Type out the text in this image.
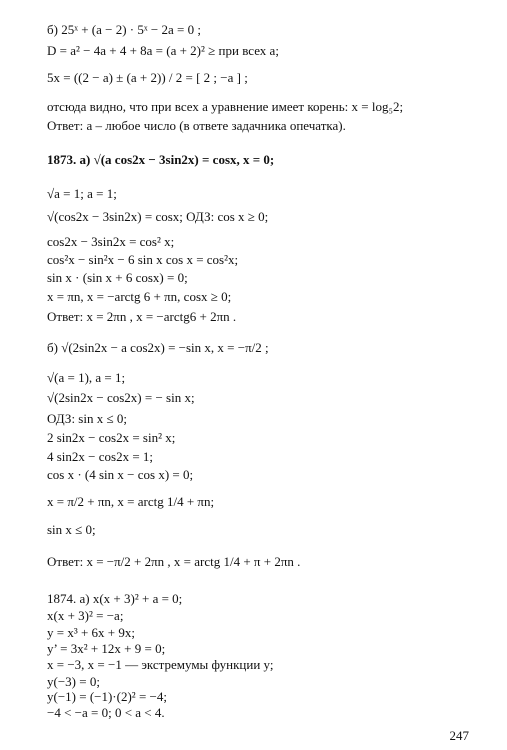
б) 25ˣ + (a − 2) · 5ˣ − 2a = 0 ;
D = a² − 4a + 4 + 8a = (a + 2)² ≥ при всех а;
5x = ((2 − a) ± (a + 2)) / 2 = [ 2 ; −a ] ;
отсюда видно, что при всех а уравнение имеет корень: x = log₅2;
Ответ: а – любое число (в ответе задачника опечатка).
1873. а) √(a cos2x − 3sin2x) = cosx, x = 0;
√a = 1; a = 1;
√(cos2x − 3sin2x) = cosx; ОДЗ: cos x ≥ 0;
cos2x − 3sin2x = cos² x;
cos²x − sin²x − 6 sin x cos x = cos²x;
sin x · (sin x + 6 cosx) = 0;
x = πn, x = −arctg 6 + πn, cosx ≥ 0;
Ответ: x = 2πn , x = −arctg6 + 2πn .
б) √(2sin2x − a cos2x) = −sin x, x = −π/2 ;
√(a = 1), a = 1;
√(2sin2x − cos2x) = − sin x;
ОДЗ: sin x ≤ 0;
2 sin2x − cos2x = sin² x;
4 sin2x − cos2x = 1;
cos x · (4 sin x − cos x) = 0;
x = π/2 + πn, x = arctg 1/4 + πn;
sin x ≤ 0;
Ответ: x = −π/2 + 2πn , x = arctg 1/4 + π + 2πn .
1874. а) x(x + 3)² + a = 0;
x(x + 3)² = −a;
y = x³ + 6x + 9x;
y’ = 3x² + 12x + 9 = 0;
x = −3, x = −1 — экстремумы функции у;
y(−3) = 0;
y(−1) = (−1)·(2)² = −4;
−4 < −a = 0; 0 < a < 4.
247
